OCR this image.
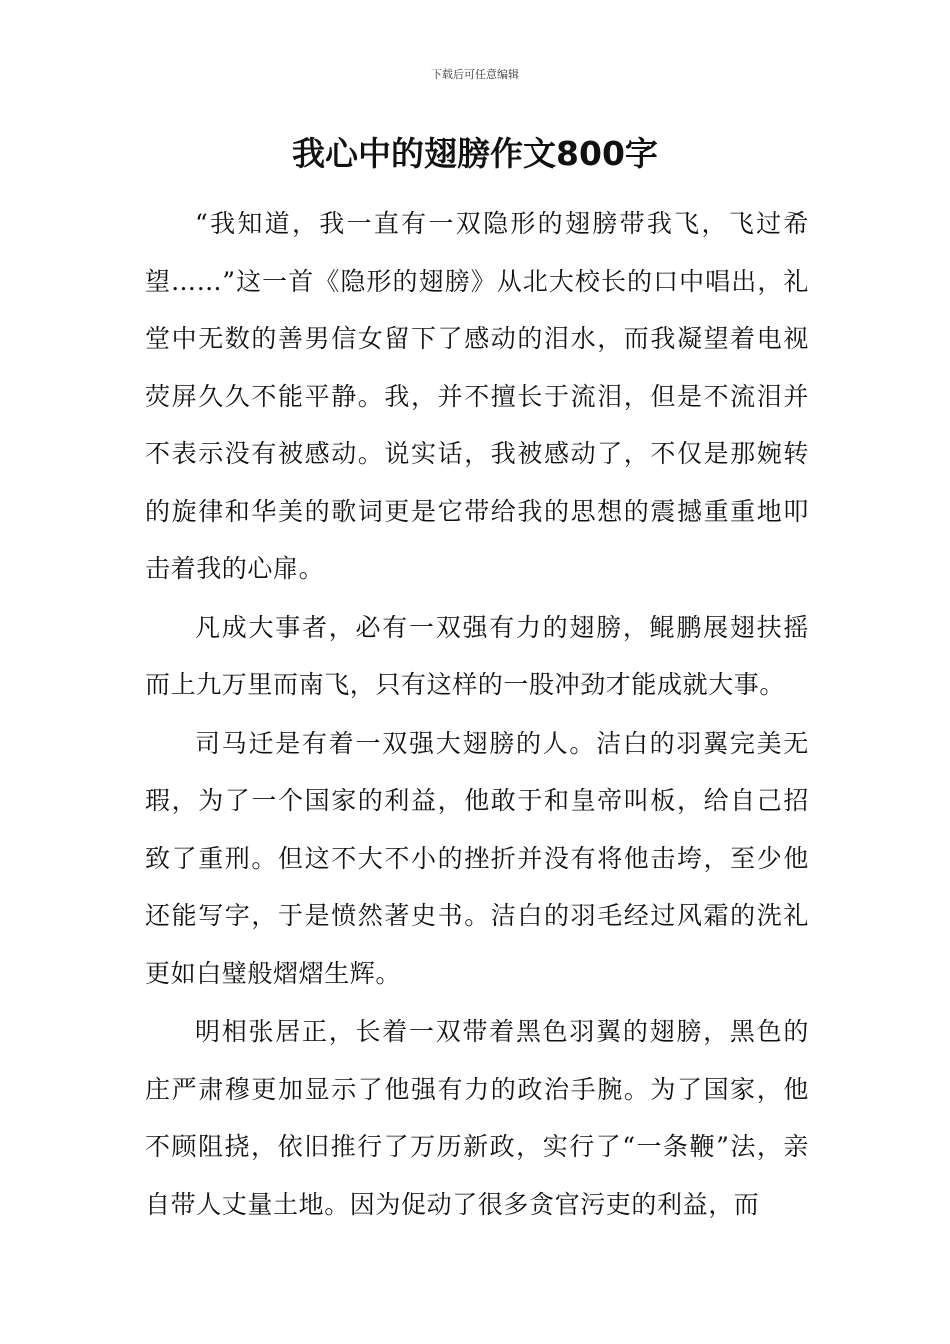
下载后可任意编辑
我心中的翅膀作文800字

“我知道，我一直有一双隐形的翅膀带我飞，飞过希望……”这一首《隐形的翅膀》从北大校长的口中唱出，礼堂中无数的善男信女留下了感动的泪水，而我凝望着电视荧屏久久不能平静。我，并不擅长于流泪，但是不流泪并不表示没有被感动。说实话，我被感动了，不仅是那婉转的旋律和华美的歌词更是它带给我的思想的震撼重重地叩击着我的心扉。

凡成大事者，必有一双强有力的翅膀，鲲鹏展翅扶摇而上九万里而南飞，只有这样的一股冲劲才能成就大事。

司马迁是有着一双强大翅膀的人。洁白的羽翼完美无瑕，为了一个国家的利益，他敢于和皇帝叫板，给自己招致了重刑。但这不大不小的挫折并没有将他击垮，至少他还能写字，于是愤然著史书。洁白的羽毛经过风霜的洗礼更如白璧般熠熠生辉。

明相张居正，长着一双带着黑色羽翼的翅膀，黑色的庄严肃穆更加显示了他强有力的政治手腕。为了国家，他不顾阻挠，依旧推行了万历新政，实行了“一条鞭”法，亲自带人丈量土地。因为促动了很多贪官污吏的利益，而
